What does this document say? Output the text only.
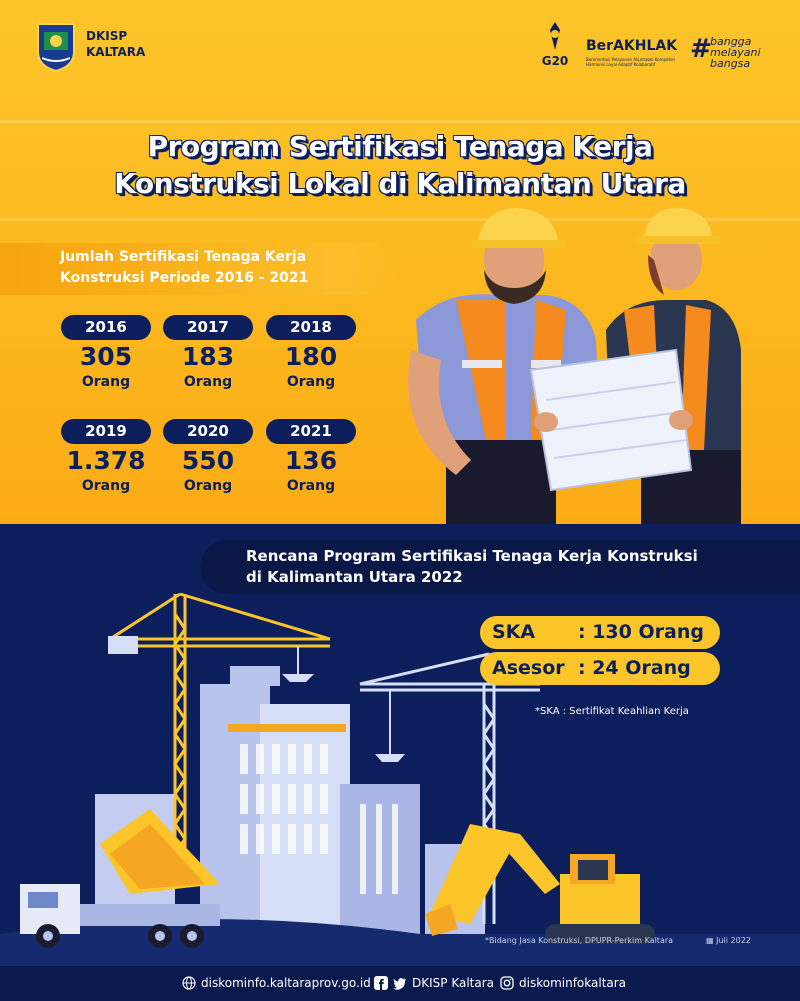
DKISP
KALTARA
G20
BerAKHLAK
Berorientasi Pelayanan Akuntabel Kompeten Harmonis Loyal Adaptif Kolaboratif
#
bangga
melayani
bangsa
Program Sertifikasi Tenaga Kerja
Konstruksi Lokal di Kalimantan Utara
Jumlah Sertifikasi Tenaga Kerja
Konstruksi Periode 2016 - 2021
2016
305
Orang
2017
183
Orang
2018
180
Orang
2019
1.378
Orang
2020
550
Orang
2021
136
Orang
Rencana Program Sertifikasi Tenaga Kerja Konstruksi
di Kalimantan Utara 2022
SKA : 130 Orang
Asesor : 24 Orang
*SKA : Sertifikat Keahlian Kerja
*Bidang Jasa Konstruksi, DPUPR-Perkim Kaltara	▦ Juli 2022
diskominfo.kaltaraprov.go.id	DKISP Kaltara diskominfokaltara
